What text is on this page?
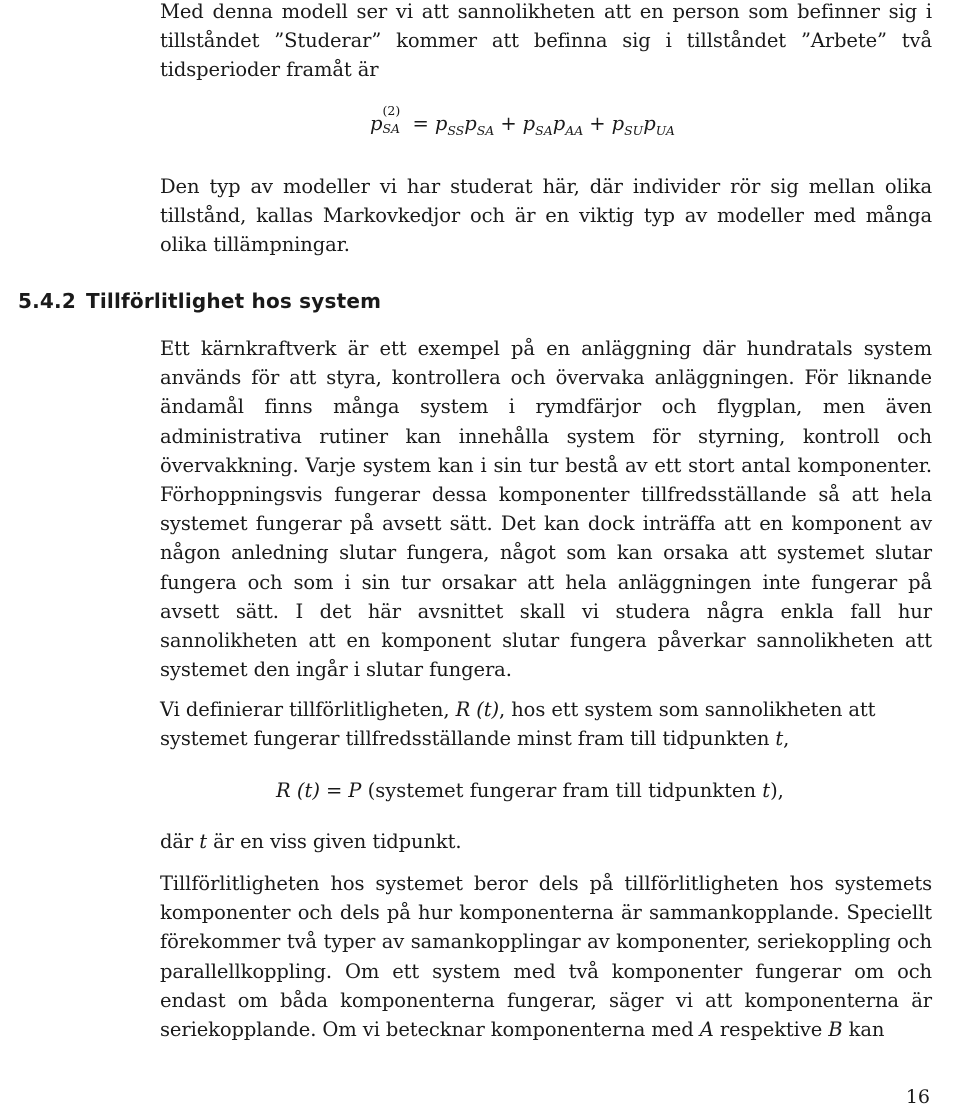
Med denna modell ser vi att sannolikheten att en person som befinner sig i tillståndet ”Studerar” kommer att befinna sig i tillståndet ”Arbete” två tidsperioder framåt är

p
(2)
SA = $p_{SS}p_{SA} + p_{SA}p_{AA} + p_{SU}p_{UA}$

Den typ av modeller vi har studerat här, där individer rör sig mellan olika tillstånd, kallas Markovkedjor och är en viktig typ av modeller med många olika tillämpningar.

5.4.2 Tillförlitlighet hos system

Ett kärnkraftverk är ett exempel på en anläggning där hundratals system används för att styra, kontrollera och övervaka anläggningen. För liknande ändamål finns många system i rymdfärjor och flygplan, men även administrativa rutiner kan innehålla system för styrning, kontroll och övervakkning. Varje system kan i sin tur bestå av ett stort antal komponenter. Förhoppningsvis fungerar dessa komponenter tillfredsställande så att hela systemet fungerar på avsett sätt. Det kan dock inträffa att en komponent av någon anledning slutar fungera, något som kan orsaka att systemet slutar fungera och som i sin tur orsakar att hela anläggningen inte fungerar på avsett sätt. I det här avsnittet skall vi studera några enkla fall hur sannolikheten att en komponent slutar fungera påverkar sannolikheten att systemet den ingår i slutar fungera.

Vi definierar tillförlitligheten, R (t), hos ett system som sannolikheten att systemet fungerar tillfredsställande minst fram till tidpunkten t,

R (t) = P (systemet fungerar fram till tidpunkten t),

där t är en viss given tidpunkt.

Tillförlitligheten hos systemet beror dels på tillförlitligheten hos systemets komponenter och dels på hur komponenterna är sammankopplande. Speciellt förekommer två typer av samankopplingar av komponenter, seriekoppling och parallellkoppling. Om ett system med två komponenter fungerar om och endast om båda komponenterna fungerar, säger vi att komponenterna är seriekopplande. Om vi betecknar komponenterna med A respektive B kan

16
